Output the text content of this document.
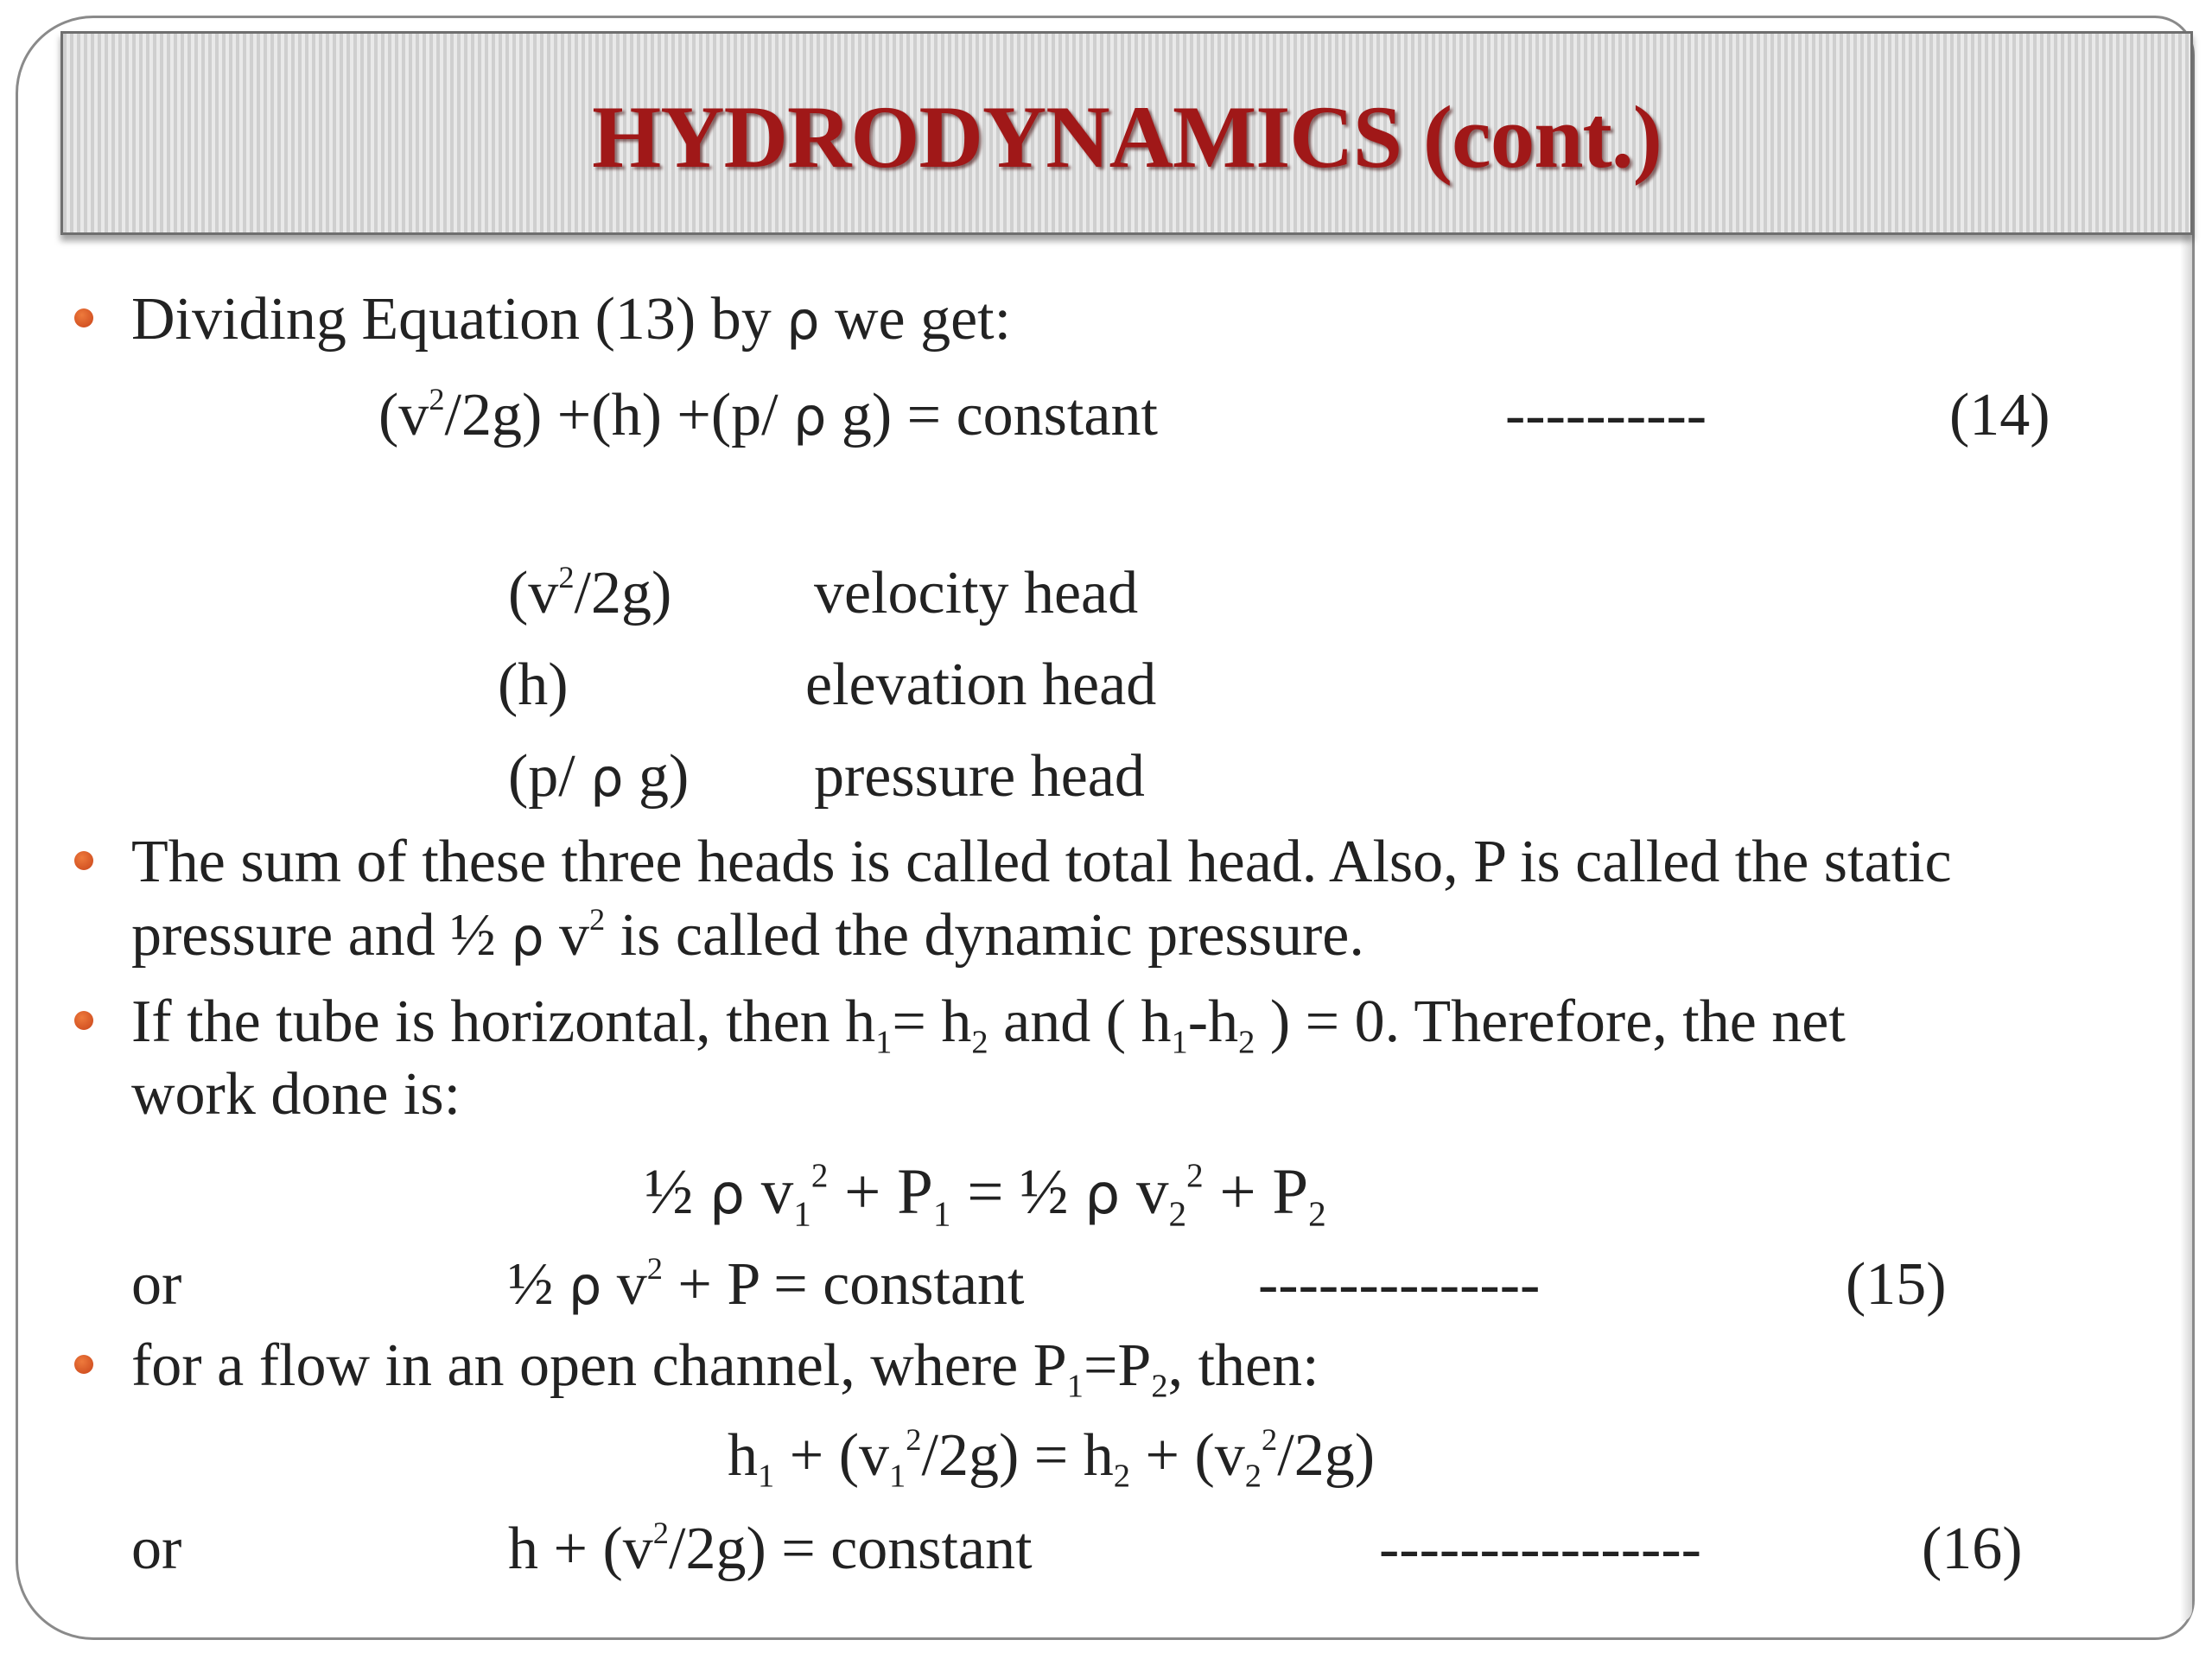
HYDRODYNAMICS (cont.)
Dividing Equation (13) by ρ we get:
$(v^2/2g) +(h) +(p/$ ρ g) = constant	----------	(14)
$(v^2/2g)$ velocity head
(h)	elevation head
(p/ ρ g) pressure head
The sum of these three heads is called total head. Also, P is called the static
pressure and ½ ρ $v^2$ is called the dynamic pressure.
If the tube is horizontal, then $h_1= h_2$ and ( $h_1-h_2$ ) = 0. Therefore, the net
work done is:
½ ρ $v_1^2 + P_1$ = ½ ρ $v_2^2 + P_2$
or	½ ρ $v^2 + P$ = constant	--------------	(15)
for a flow in an open channel, where $P_1=P_2$, then:
$h_1 + (v_1^2/2g) = h_2 + (v_2^2/2g)$
or	$h + (v^2/2g)$ = constant	----------------	(16)
